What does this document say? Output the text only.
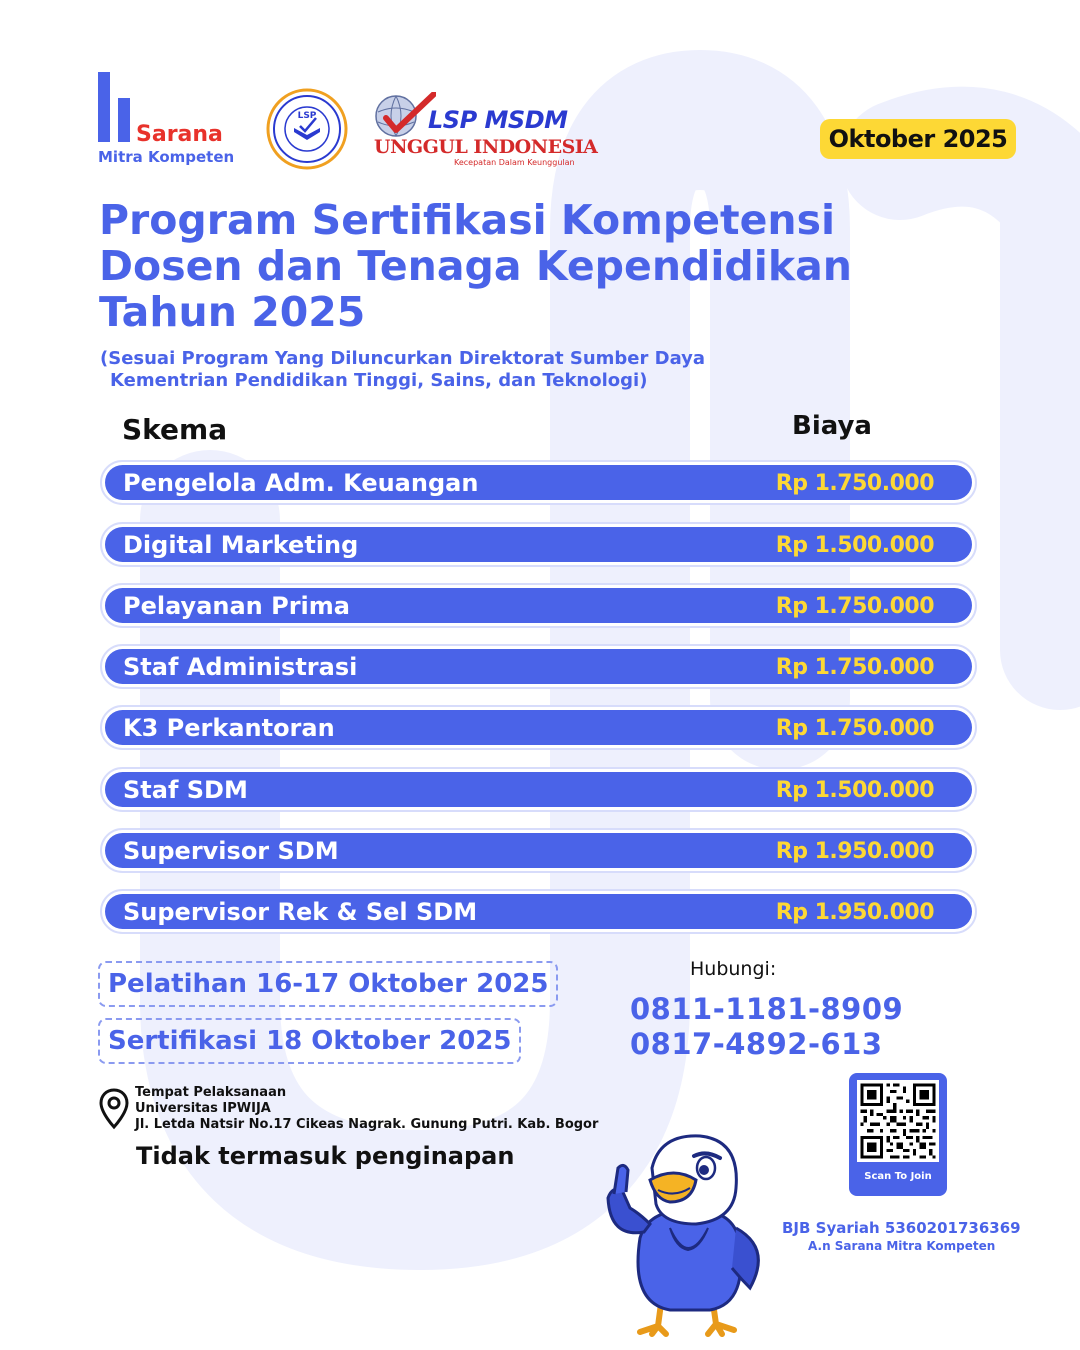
Sarana
Mitra Kompeten
LSP	LSP MSDM
UNGGUL INDONESIA
Kecepatan Dalam Keunggulan
Oktober 2025
Program Sertifikasi Kompetensi
Dosen dan Tenaga Kependidikan
Tahun 2025
(Sesuai Program Yang Diluncurkan Direktorat Sumber Daya
Kementrian Pendidikan Tinggi, Sains, dan Teknologi)
Skema	Biaya
Pengelola Adm. Keuangan	Rp 1.750.000
Digital Marketing	Rp 1.500.000
Pelayanan Prima	Rp 1.750.000
Staf Administrasi	Rp 1.750.000
K3 Perkantoran	Rp 1.750.000
Staf SDM	Rp 1.500.000
Supervisor SDM	Rp 1.950.000
Supervisor Rek & Sel SDM	Rp 1.950.000
Pelatihan 16-17 Oktober 2025
Sertifikasi 18 Oktober 2025
Hubungi:
0811-1181-8909
0817-4892-613
Tempat Pelaksanaan
Universitas IPWIJA
Jl. Letda Natsir No.17 Cikeas Nagrak. Gunung Putri. Kab. Bogor
Tidak termasuk penginapan
Scan To Join
BJB Syariah 5360201736369
A.n Sarana Mitra Kompeten
